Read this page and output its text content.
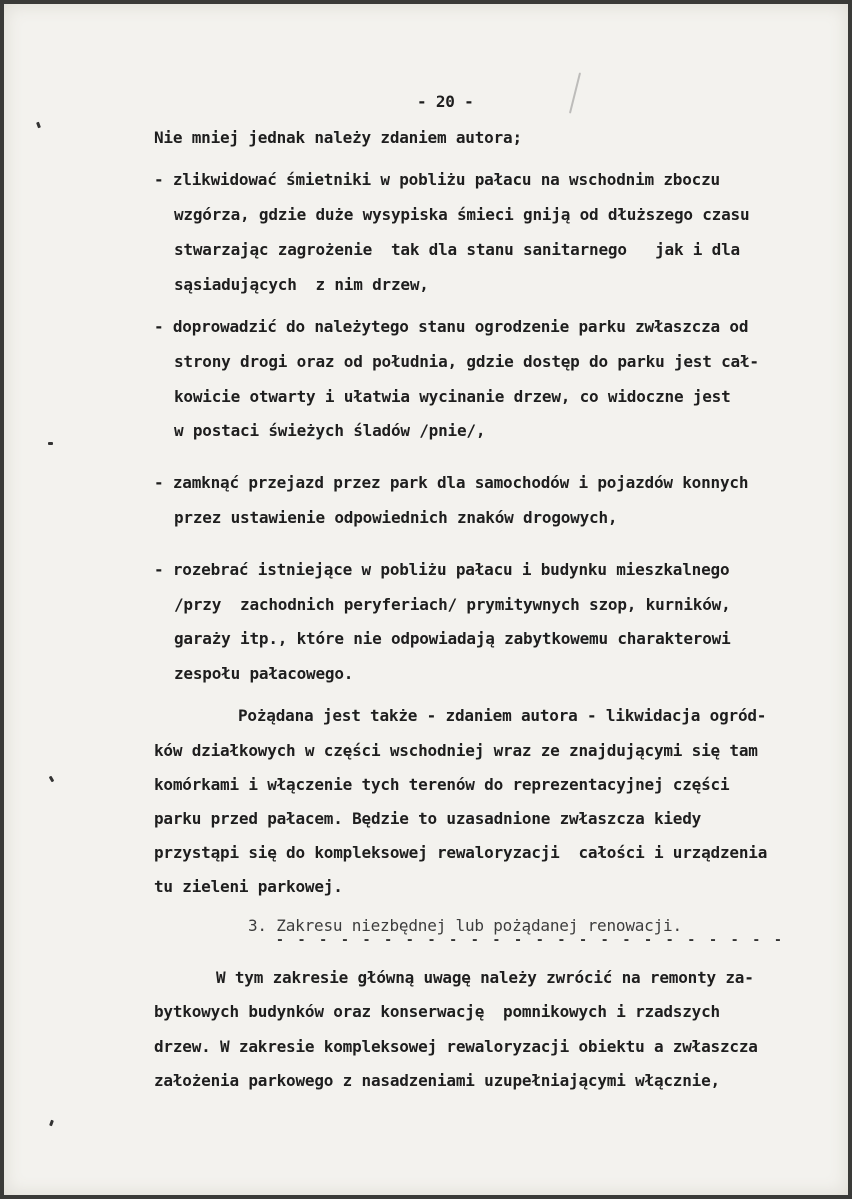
- 20 -
Nie mniej jednak należy zdaniem autora;
- zlikwidować śmietniki w pobliżu pałacu na wschodnim zboczu
wzgórza, gdzie duże wysypiska śmieci gniją od dłuższego czasu
stwarzając zagrożenie  tak dla stanu sanitarnego   jak i dla
sąsiadujących  z nim drzew,
- doprowadzić do należytego stanu ogrodzenie parku zwłaszcza od
strony drogi oraz od południa, gdzie dostęp do parku jest cał-
kowicie otwarty i ułatwia wycinanie drzew, co widoczne jest
w postaci świeżych śladów /pnie/,
- zamknąć przejazd przez park dla samochodów i pojazdów konnych
przez ustawienie odpowiednich znaków drogowych,
- rozebrać istniejące w pobliżu pałacu i budynku mieszkalnego
/przy  zachodnich peryferiach/ prymitywnych szop, kurników,
garaży itp., które nie odpowiadają zabytkowemu charakterowi
zespołu pałacowego.
Pożądana jest także - zdaniem autora - likwidacja ogród-
ków działkowych w części wschodniej wraz ze znajdującymi się tam
komórkami i włączenie tych terenów do reprezentacyjnej części
parku przed pałacem. Będzie to uzasadnione zwłaszcza kiedy
przystąpi się do kompleksowej rewaloryzacji  całości i urządzenia
tu zieleni parkowej.
3. Zakresu niezbędnej lub pożądanej renowacji.
- - - - - - - - - - - - - - - - - - - - - - - -
W tym zakresie główną uwagę należy zwrócić na remonty za-
bytkowych budynków oraz konserwację  pomnikowych i rzadszych
drzew. W zakresie kompleksowej rewaloryzacji obiektu a zwłaszcza
założenia parkowego z nasadzeniami uzupełniającymi włącznie,
